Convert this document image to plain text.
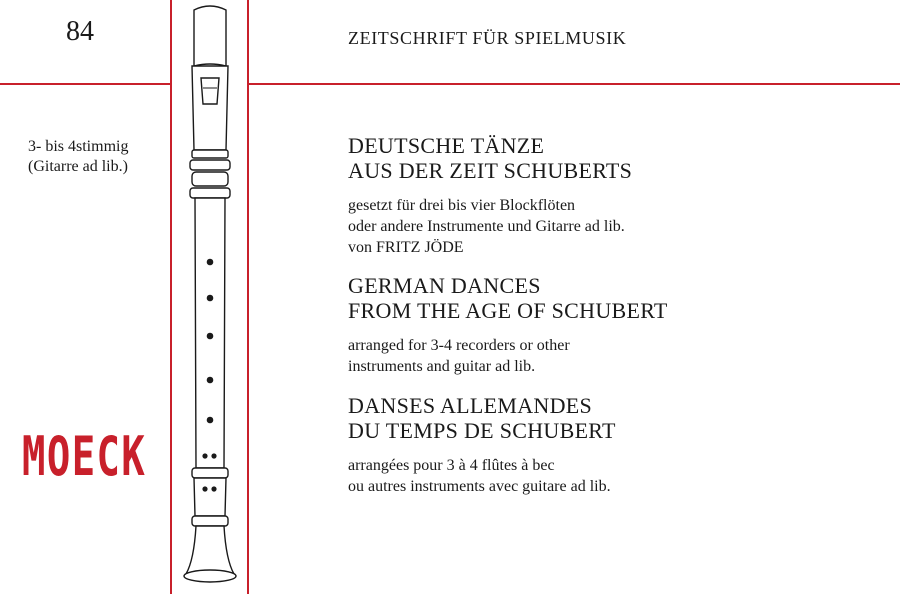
84	ZEITSCHRIFT FÜR SPIELMUSIK
3- bis 4stimmig
(Gitarre ad lib.)
MOECK
DEUTSCHE TÄNZE
AUS DER ZEIT SCHUBERTS
gesetzt für drei bis vier Blockflöten
oder andere Instrumente und Gitarre ad lib.
von FRITZ JÖDE
GERMAN DANCES
FROM THE AGE OF SCHUBERT
arranged for 3-4 recorders or other
instruments and guitar ad lib.
DANSES ALLEMANDES
DU TEMPS DE SCHUBERT
arrangées pour 3 à 4 flûtes à bec
ou autres instruments avec guitare ad lib.
